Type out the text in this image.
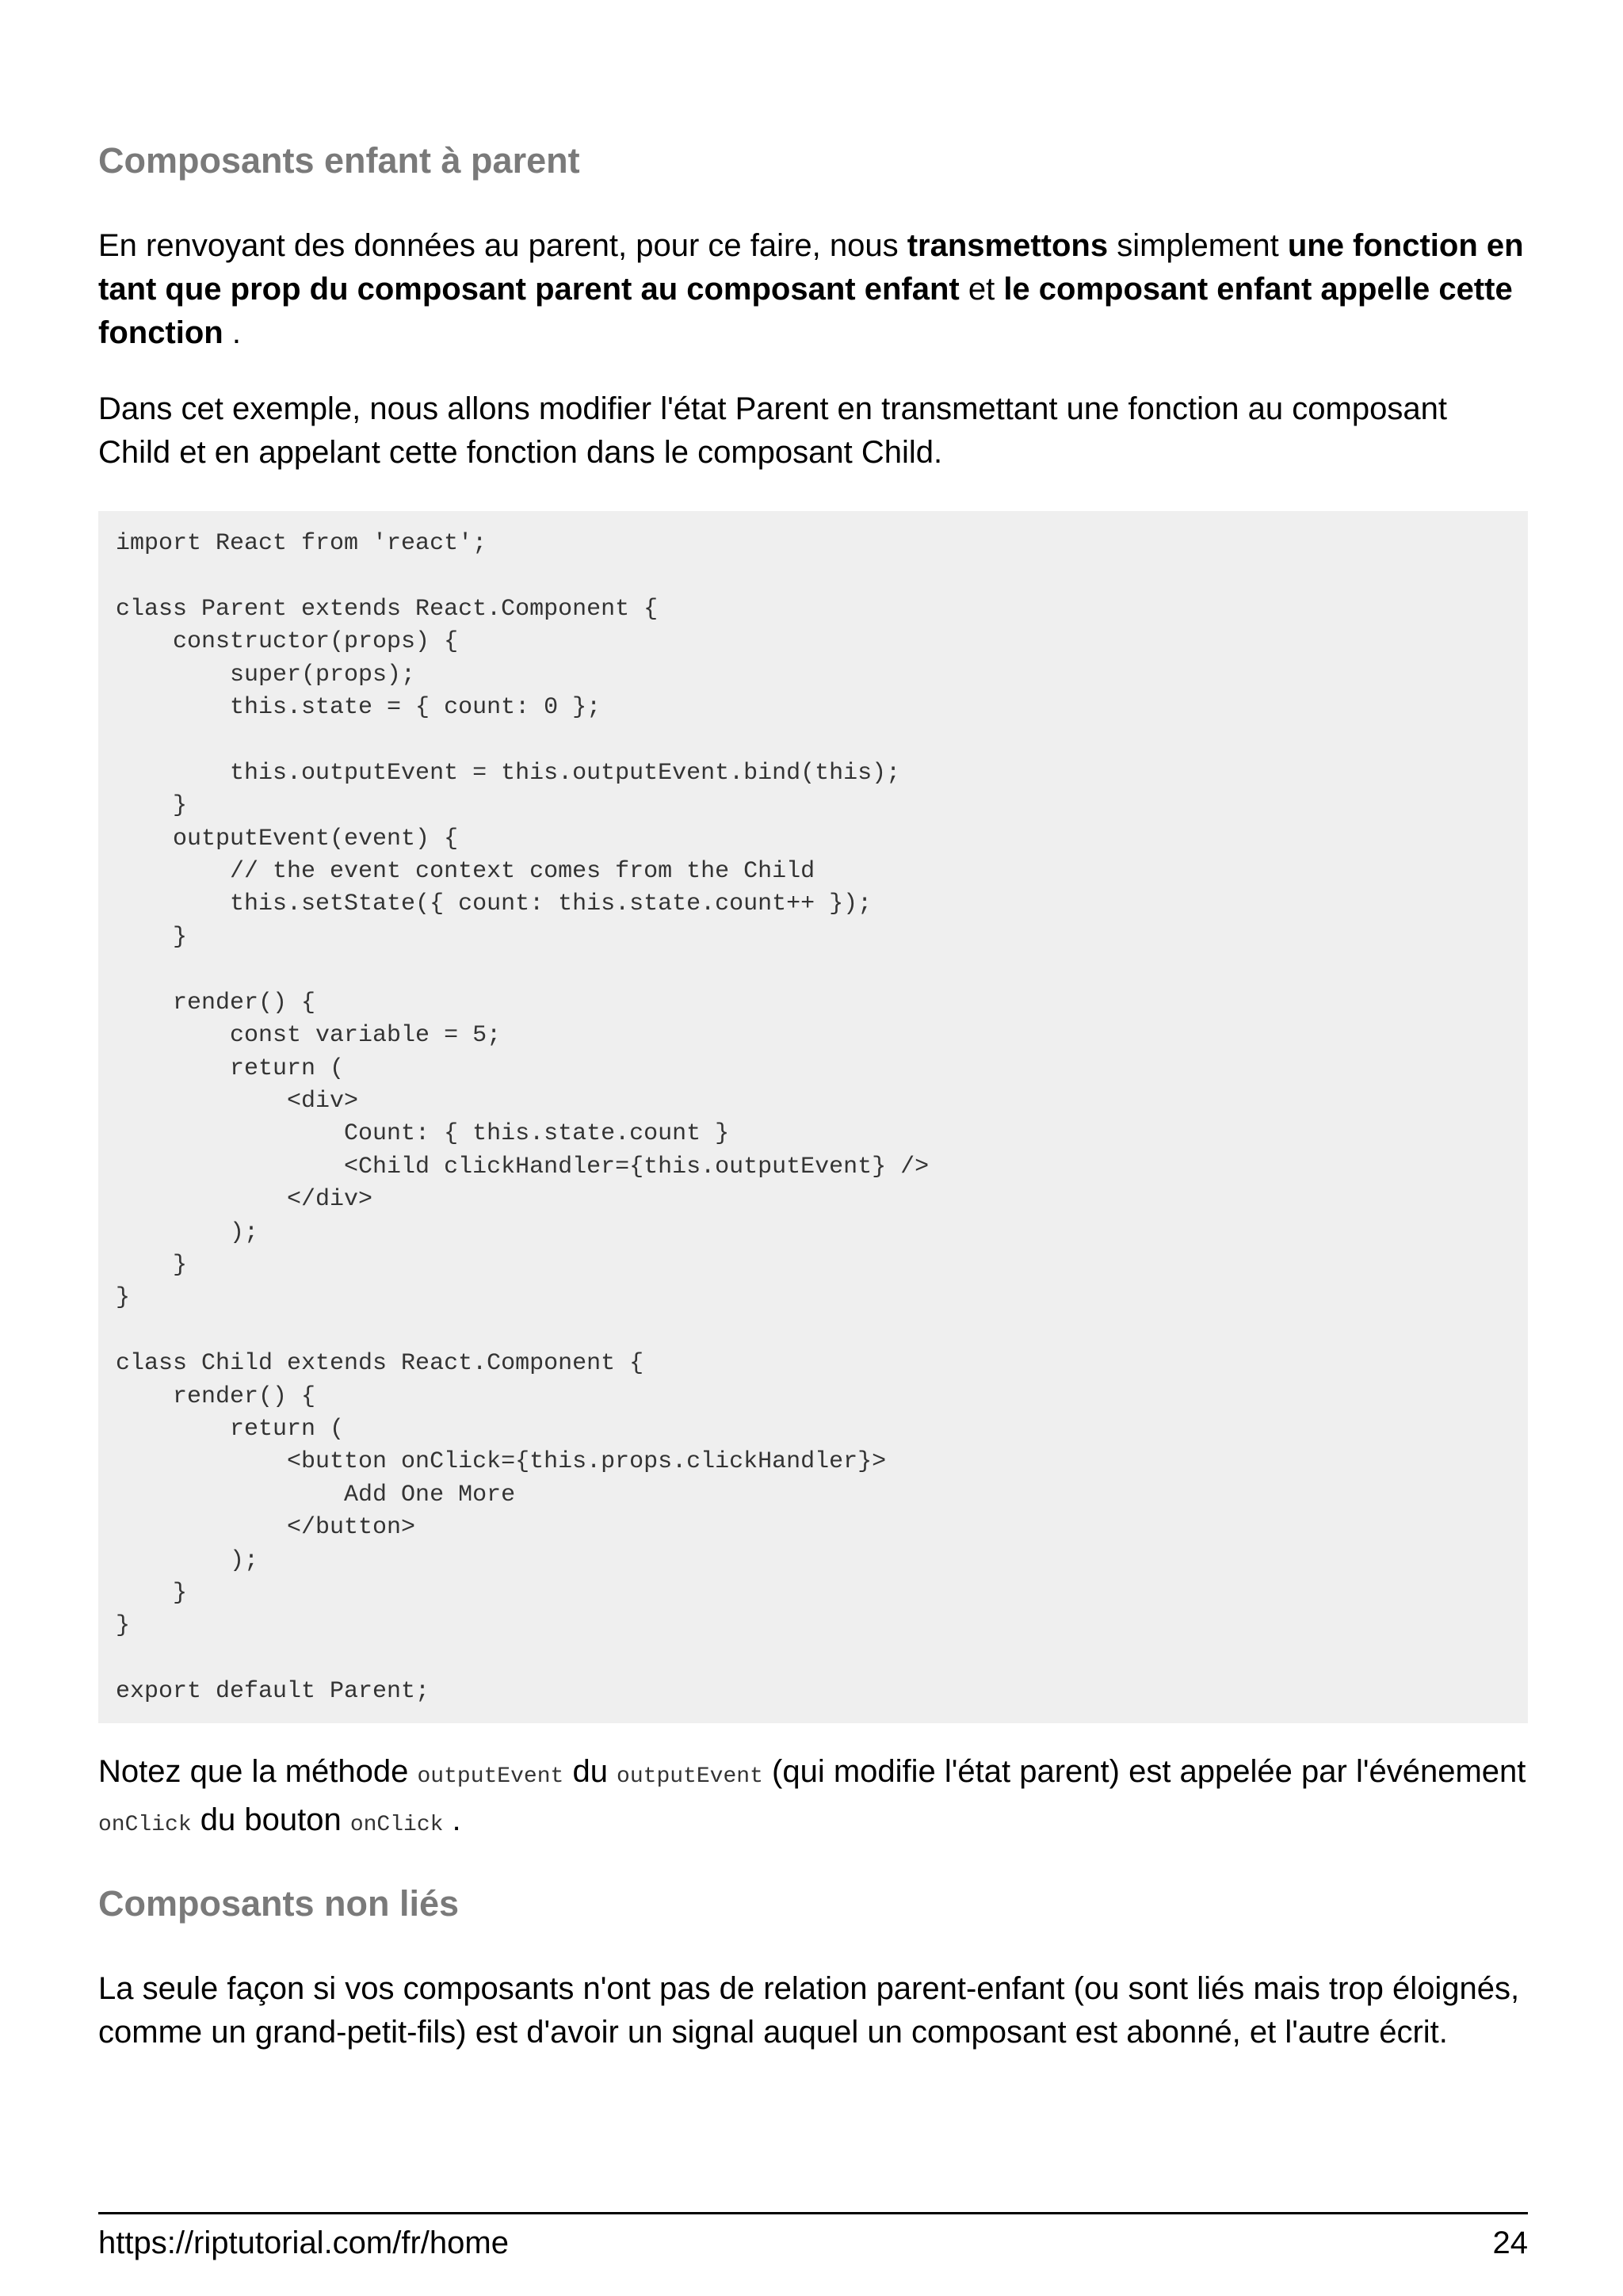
Composants enfant à parent

En renvoyant des données au parent, pour ce faire, nous transmettons simplement une fonction en tant que prop du composant parent au composant enfant et le composant enfant appelle cette fonction .

Dans cet exemple, nous allons modifier l'état Parent en transmettant une fonction au composant Child et en appelant cette fonction dans le composant Child.

import React from 'react';

class Parent extends React.Component {
constructor(props) {
super(props);
this.state = { count: 0 };

this.outputEvent = this.outputEvent.bind(this);
}
outputEvent(event) {
// the event context comes from the Child
this.setState({ count: this.state.count++ });
}

render() {
const variable = 5;
return (
<div>
Count: { this.state.count }
<Child clickHandler={this.outputEvent} />
</div>
);
}
}

class Child extends React.Component {
render() {
return (
<button onClick={this.props.clickHandler}>
Add One More
</button>
);
}
}

export default Parent;

Notez que la méthode outputEvent du outputEvent (qui modifie l'état parent) est appelée par l'événement onClick du bouton onClick .

Composants non liés

La seule façon si vos composants n'ont pas de relation parent-enfant (ou sont liés mais trop éloignés, comme un grand-petit-fils) est d'avoir un signal auquel un composant est abonné, et l'autre écrit.

https://riptutorial.com/fr/home	24
